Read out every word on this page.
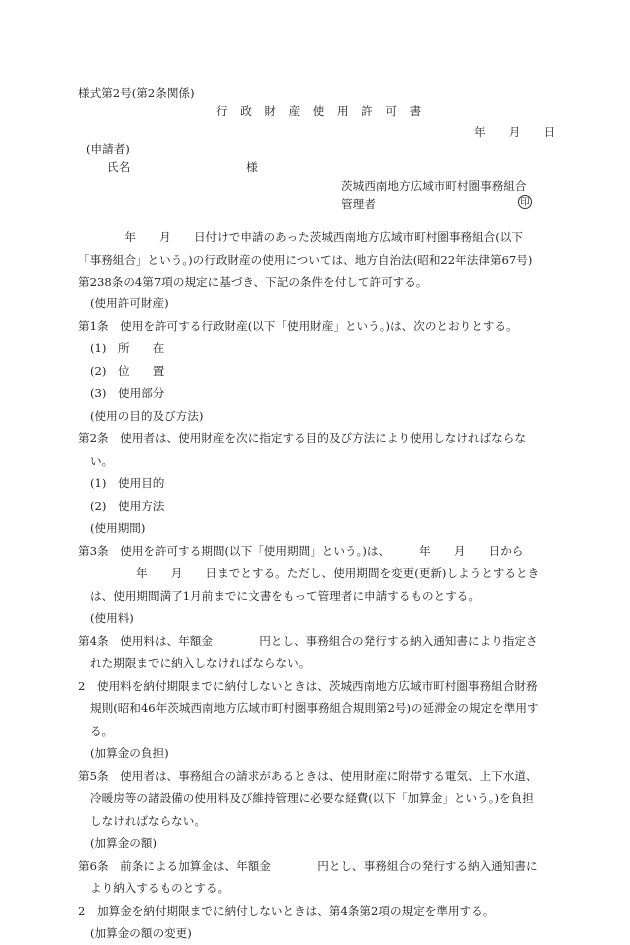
様式第2号(第2条関係)
行　政　財　産　使　用　許　可　書
年　　月　　日
(申請者)
氏名　　　　　　　　　　様
茨城西南地方広域市町村圏事務組合
管理者	印
　　　　年　　月　　日付けで申請のあった茨城西南地方広域市町村圏事務組合(以下
「事務組合」という。)の行政財産の使用については、地方自治法(昭和22年法律第67号)
第238条の4第7項の規定に基づき、下記の条件を付して許可する。
(使用許可財産)
第1条　使用を許可する行政財産(以下「使用財産」という。)は、次のとおりとする。
(1)　所　　在
(2)　位　　置
(3)　使用部分
(使用の目的及び方法)
第2条　使用者は、使用財産を次に指定する目的及び方法により使用しなければならな
い。
(1)　使用目的
(2)　使用方法
(使用期間)
第3条　使用を許可する期間(以下「使用期間」という。)は、　　　年　　月　　日から
　　　　　年　　月　　日までとする。ただし、使用期間を変更(更新)しようとするとき
は、使用期間満了1月前までに文書をもって管理者に申請するものとする。
(使用料)
第4条　使用料は、年額金　　　　円とし、事務組合の発行する納入通知書により指定さ
れた期限までに納入しなければならない。
2　使用料を納付期限までに納付しないときは、茨城西南地方広域市町村圏事務組合財務
規則(昭和46年茨城西南地方広域市町村圏事務組合規則第2号)の延滞金の規定を準用す
る。
(加算金の負担)
第5条　使用者は、事務組合の請求があるときは、使用財産に附帯する電気、上下水道、
冷暖房等の諸設備の使用料及び維持管理に必要な経費(以下「加算金」という。)を負担
しなければならない。
(加算金の額)
第6条　前条による加算金は、年額金　　　　円とし、事務組合の発行する納入通知書に
より納入するものとする。
2　加算金を納付期限までに納付しないときは、第4条第2項の規定を準用する。
(加算金の額の変更)
